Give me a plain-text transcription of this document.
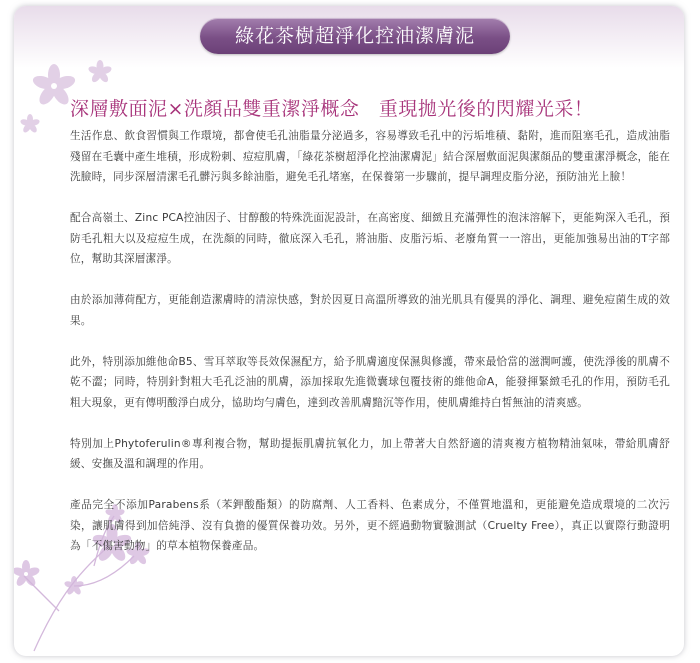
綠花茶樹超淨化控油潔膚泥
深層敷面泥×洗顏品雙重潔淨概念　重現拋光後的閃耀光采！

生活作息、飲食習慣與工作環境，都會使毛孔油脂量分泌過多，容易導致毛孔中的污垢堆積、黏附，進而阻塞毛孔，造成油脂殘留在毛囊中產生堆積，形成粉刺、痘痘肌膚，「綠花茶樹超淨化控油潔膚泥」結合深層敷面泥與潔顏品的雙重潔淨概念，能在洗臉時，同步深層清潔毛孔髒污與多餘油脂，避免毛孔堵塞，在保養第一步驟前，提早調理皮脂分泌，預防油光上臉！

配合高嶺土、Zinc PCA控油因子、甘醇酸的特殊洗面泥設計，在高密度、細緻且充滿彈性的泡沫溶解下，更能夠深入毛孔，預防毛孔粗大以及痘痘生成，在洗顏的同時，徹底深入毛孔，將油脂、皮脂污垢、老廢角質一一溶出，更能加強易出油的T字部位，幫助其深層潔淨。

由於添加薄荷配方，更能創造潔膚時的清涼快感，對於因夏日高溫所導致的油光肌具有優異的淨化、調理、避免痘菌生成的效果。

此外，特別添加維他命B5、雪耳萃取等長效保濕配方，給予肌膚適度保濕與修護，帶來最恰當的滋潤呵護，使洗淨後的肌膚不乾不澀；同時，特別針對粗大毛孔泛油的肌膚，添加採取先進微囊球包覆技術的維他命A，能發揮緊緻毛孔的作用，預防毛孔粗大現象，更有傳明酸淨白成分，協助均勻膚色，達到改善肌膚黯沉等作用，使肌膚維持白皙無油的清爽感。

特別加上Phytoferulin®專利複合物，幫助提振肌膚抗氧化力，加上帶著大自然舒適的清爽複方植物精油氣味，帶給肌膚舒緩、安撫及溫和調理的作用。

產品完全不添加Parabens系（苯鉀酸酯類）的防腐劑、人工香料、色素成分，不僅質地溫和，更能避免造成環境的二次污染，讓肌膚得到加倍純淨、沒有負擔的優質保養功效。另外，更不經過動物實驗測試（Cruelty Free），真正以實際行動證明為「不傷害動物」的草本植物保養產品。
